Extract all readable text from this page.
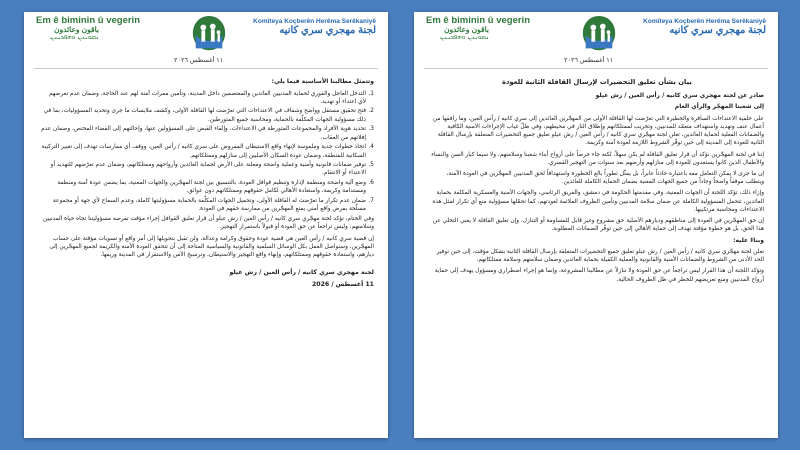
Em ê biminin û vegerin
باقون وعائدون
ܢܩܘܝܢܢ ܘܗܦܟܝܢܢ
Komîteya Koçberên Herêma Serêkaniyê
لجنة مهجري سري كانيه
١١ أغسطس ٢٠٢٦

بيان بشأن تعليق التحضيرات لإرسال القافلة الثانية للعودة

صادر عن لجنة مهجري سري كانيه / رأس العين / رش عيلو

إلى شعبنا المهجّر والرأي العام

على خلفية الاعتداءات السافرة والخطيرة التي تعرّضت لها القافلة الأولى من المهجّرين العائدين إلى سري كانيه / رأس العين، وما رافقها من أعمال عنف وتهديد واستهداف متعمّد للمدنيين، وتخريب لممتلكاتهم وإطلاق النار في محيطهم، وفي ظلّ غياب الإجراءات الأمنية الكافية والضمانات الفعلية لحماية العائدين، تعلن لجنة مهجّري سري كانيه / رأس العين / رش عيلو تعليق جميع التحضيرات المتعلقة بإرسال القافلة الثانية للعودة إلى المدينة إلى حين توفّر الشروط اللازمة لعودة آمنة وكريمة.

إننا في لجنة المهجّرين نؤكد أن قرار تعليق القافلة لم يكن سهلاً، لكنه جاء حرصاً على أرواح أبناء شعبنا وسلامتهم، ولا سيما كبار السن والنساء والأطفال الذين كانوا يستعدون للعودة إلى منازلهم وأرضهم بعد سنوات من التهجير القسري.

إن ما جرى لا يمكن التعامل معه باعتباره حادثاً عابراً، بل يمثّل تطوراً بالغ الخطورة واستهدافاً لحق المدنيين المهجّرين في العودة الآمنة، ويتطلب موقفاً واضحاً وجاداً من جميع الجهات المعنية بضمان الحماية الكاملة للعائدين.

وإزاء ذلك، تؤكد اللجنة أن الجهات المعنية، وفي مقدمتها الحكومة في دمشق، والفريق الرئاسي، والجهات الأمنية والعسكرية المكلفة بحماية العائدين، تتحمل المسؤولية الكاملة عن ضمان سلامة المدنيين وتأمين الظروف الملائمة لعودتهم، كما تحمّلها مسؤولية منع أي تكرار لمثل هذه الاعتداءات ومحاسبة مرتكبيها.

إن حق المهجّرين في العودة إلى مناطقهم وديارهم الأصلية حق مشروع وغير قابل للمساومة أو التنازل، وإن تعليق القافلة لا يعني التخلي عن هذا الحق، بل هو خطوة مؤقتة تهدف إلى حماية الأهالي إلى حين توفّر الضمانات المطلوبة.

وبناءً عليه:

تعلن لجنة مهجّري سري كانيه / رأس العين / رش عيلو تعليق جميع التحضيرات المتعلقة بإرسال القافلة الثانية بشكل مؤقت، إلى حين توفير الحد الأدنى من الشروط والضمانات الأمنية والقانونية والعملية الكفيلة بحماية العائدين وضمان سلامتهم وسلامة ممتلكاتهم.

وتؤكد اللجنة أن هذا القرار ليس تراجعاً عن حق العودة ولا تنازلاً عن مطالبنا المشروعة، وإنما هو إجراء اضطراري ومسؤول يهدف إلى حماية أرواح المدنيين ومنع تعريضهم للخطر في ظل الظروف الحالية.

Em ê biminin û vegerin
باقون وعائدون
ܢܩܘܝܢܢ ܘܗܦܟܝܢܢ
Komîteya Koçberên Herêma Serêkaniyê
لجنة مهجري سري كانيه
١١ أغسطس ٢٠٢٦

وتتمثل مطالبنا الأساسية فيما يلي:

1.
التدخل العاجل والفوري لحماية المدنيين العائدين والمعتصمين داخل المدينة، وتأمين ممرات آمنة لهم عند الحاجة، وضمان عدم تعرضهم لأي اعتداء أو تهديد.

2.
فتح تحقيق مستقل وواضح وشفاف في الاعتداءات التي تعرّضت لها القافلة الأولى، وكشف ملابسات ما جرى وتحديد المسؤوليات، بما في ذلك مسؤولية الجهات المكلّفة بالحماية، ومحاسبة جميع المتورطين.

3.
تحديد هوية الأفراد والمجموعات المتورطة في الاعتداءات، وإلقاء القبض على المسؤولين عنها، وإحالتهم إلى القضاء المختص، وضمان عدم إفلاتهم من العقاب.

4.
اتخاذ خطوات جدية وملموسة لإنهاء واقع الاستيطان المفروض على سري كانيه / رأس العين، ووقف أي ممارسات تهدف إلى تغيير التركيبة السكانية للمنطقة، وضمان عودة السكان الأصليين إلى منازلهم وممتلكاتهم.

5.
توفير ضمانات قانونية وأمنية وعملية واضحة ومعلنة على الأرض لحماية العائدين وأرواحهم وممتلكاتهم، وضمان عدم تعرّضهم للتهديد أو الاعتداء أو الانتقام.

6.
وضع آلية واضحة ومنظمة لإدارة وتنظيم قوافل العودة، بالتنسيق بين لجنة المهجّرين والجهات المعنية، بما يضمن عودة آمنة ومنظمة ومستدامة وكريمة، واستعادة الأهالي لكامل حقوقهم وممتلكاتهم دون عوائق.

7.
ضمان عدم تكرار ما تعرّضت له القافلة الأولى، وتحميل الجهات المكلّفة بالحماية مسؤوليتها كاملة، وعدم السماح لأي جهة أو مجموعة مسلّحة بفرض واقع أمني يمنع المهجّرين من ممارسة حقهم في العودة.

وفي الختام، تؤكد لجنة مهجّري سري كانيه / رأس العين / رش عيلو أن قرار تعليق القوافل إجراء مؤقت تفرضه مسؤوليتنا تجاه حياة المدنيين وسلامتهم، وليس تراجعاً عن حق العودة أو قبولاً باستمرار التهجير.

إن قضية سري كانيه / رأس العين هي قضية عودة وحقوق وكرامة وعدالة، ولن تقبل بتحويلها إلى أمر واقع أو تسويات مؤقتة على حساب المهجّرين، وسنواصل العمل بكل الوسائل السلمية والقانونية والسياسية المتاحة إلى أن تتحقق العودة الآمنة والكريمة لجميع المهجّرين إلى ديارهم، واستعادة حقوقهم وممتلكاتهم، وإنهاء واقع التهجير والاستيطان، وترسيخ الأمن والاستقرار في المدينة وريفها.

لجنة مهجري سري كانيه / رأس العين / رش عيلو

11 أغسطس / 2026
